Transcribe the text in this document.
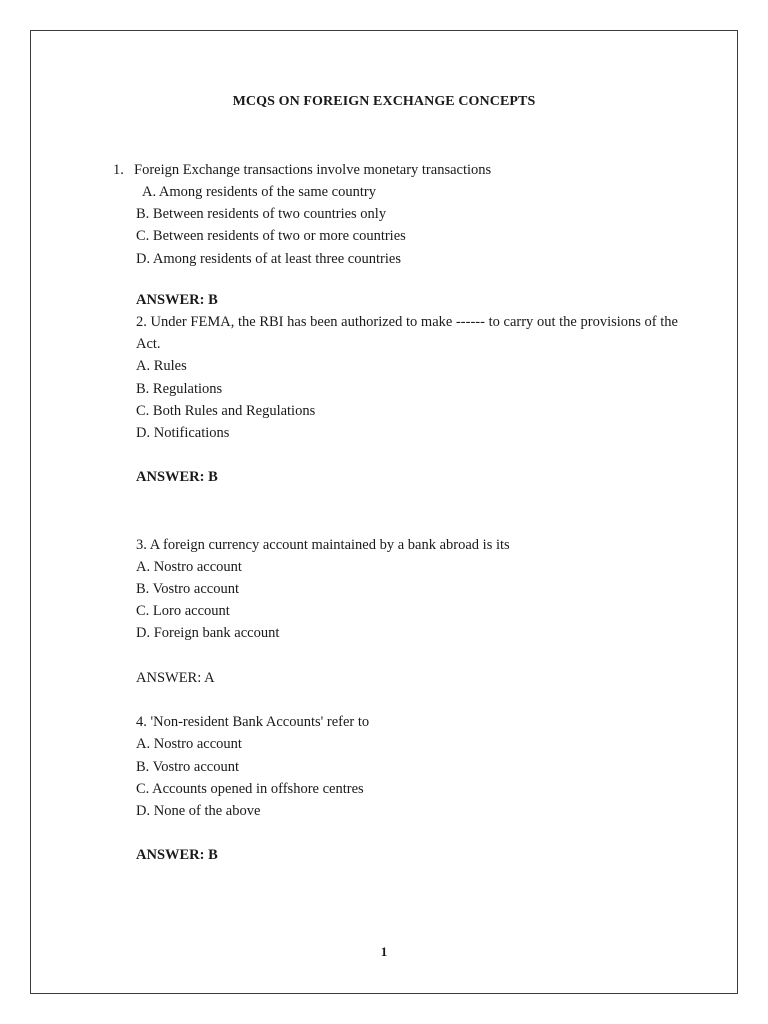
MCQS ON FOREIGN EXCHANGE CONCEPTS
1. Foreign Exchange transactions involve monetary transactions
A. Among residents of the same country
B. Between residents of two countries only
C. Between residents of two or more countries
D. Among residents of at least three countries
ANSWER: B
2. Under FEMA, the RBI has been authorized to make ------ to carry out the provisions of the Act.
A. Rules
B. Regulations
C. Both Rules and Regulations
D. Notifications
ANSWER: B
3. A foreign currency account maintained by a bank abroad is its
A. Nostro account
B. Vostro account
C. Loro account
D. Foreign bank account
ANSWER: A
4. 'Non-resident Bank Accounts' refer to
A. Nostro account
B. Vostro account
C. Accounts opened in offshore centres
D. None of the above
ANSWER: B
1
